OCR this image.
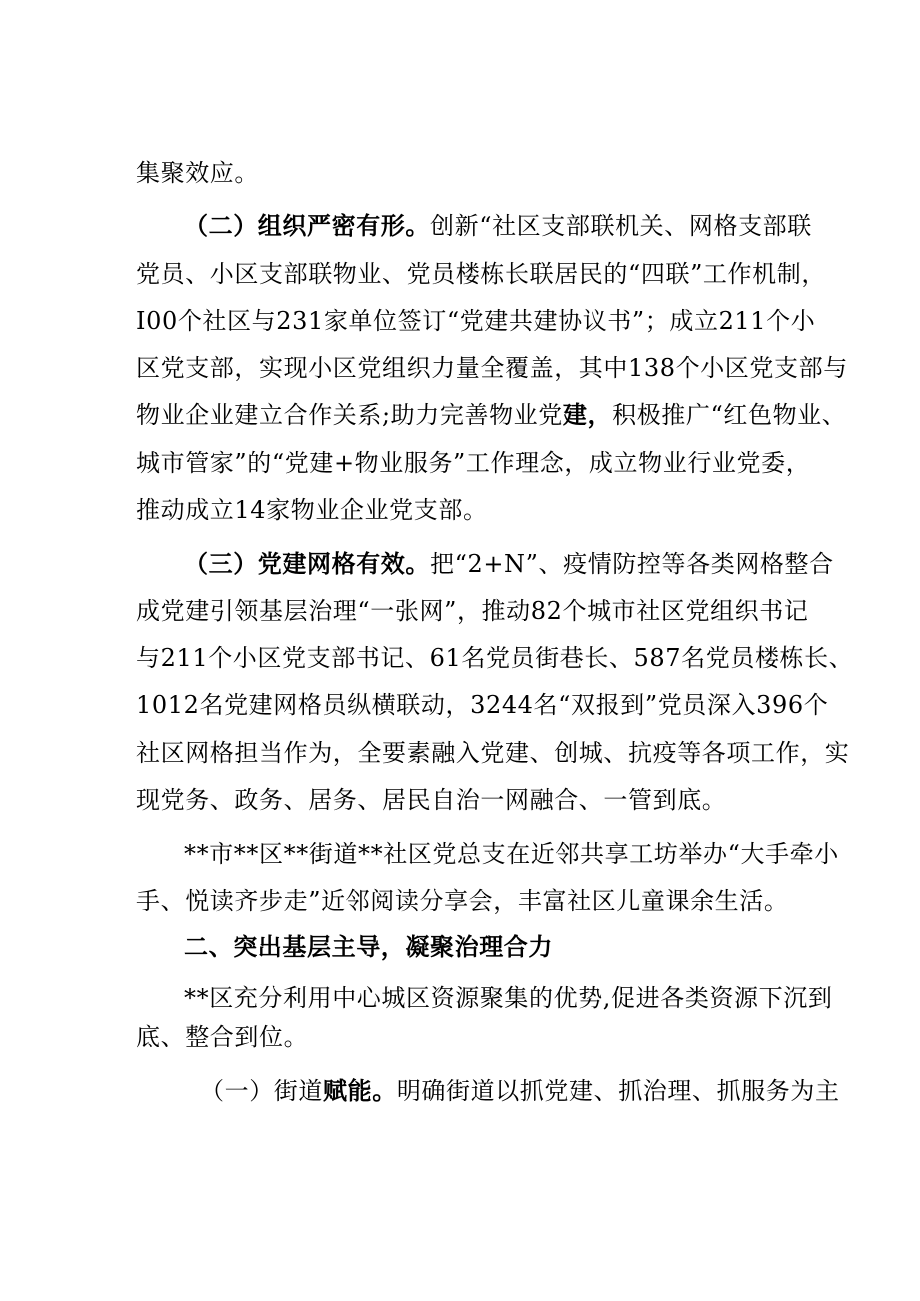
集聚效应。
（二）组织严密有形。创新“社区支部联机关、网格支部联
党员、小区支部联物业、党员楼栋长联居民的“四联”工作机制，
I00个社区与231家单位签订“党建共建协议书”；成立211个小
区党支部，实现小区党组织力量全覆盖，其中138个小区党支部与
物业企业建立合作关系;助力完善物业党建，积极推广“红色物业、
城市管家”的“党建+物业服务”工作理念，成立物业行业党委，
推动成立14家物业企业党支部。
（三）党建网格有效。把“2+N”、疫情防控等各类网格整合
成党建引领基层治理“一张网”，推动82个城市社区党组织书记
与211个小区党支部书记、61名党员街巷长、587名党员楼栋长、
1012名党建网格员纵横联动，3244名“双报到”党员深入396个
社区网格担当作为，全要素融入党建、创城、抗疫等各项工作，实
现党务、政务、居务、居民自治一网融合、一管到底。
**市**区**街道**社区党总支在近邻共享工坊举办“大手牵小
手、悦读齐步走”近邻阅读分享会，丰富社区儿童课余生活。
二、突出基层主导，凝聚治理合力
**区充分利用中心城区资源聚集的优势,促进各类资源下沉到
底、整合到位。
（一）街道赋能。明确街道以抓党建、抓治理、抓服务为主
